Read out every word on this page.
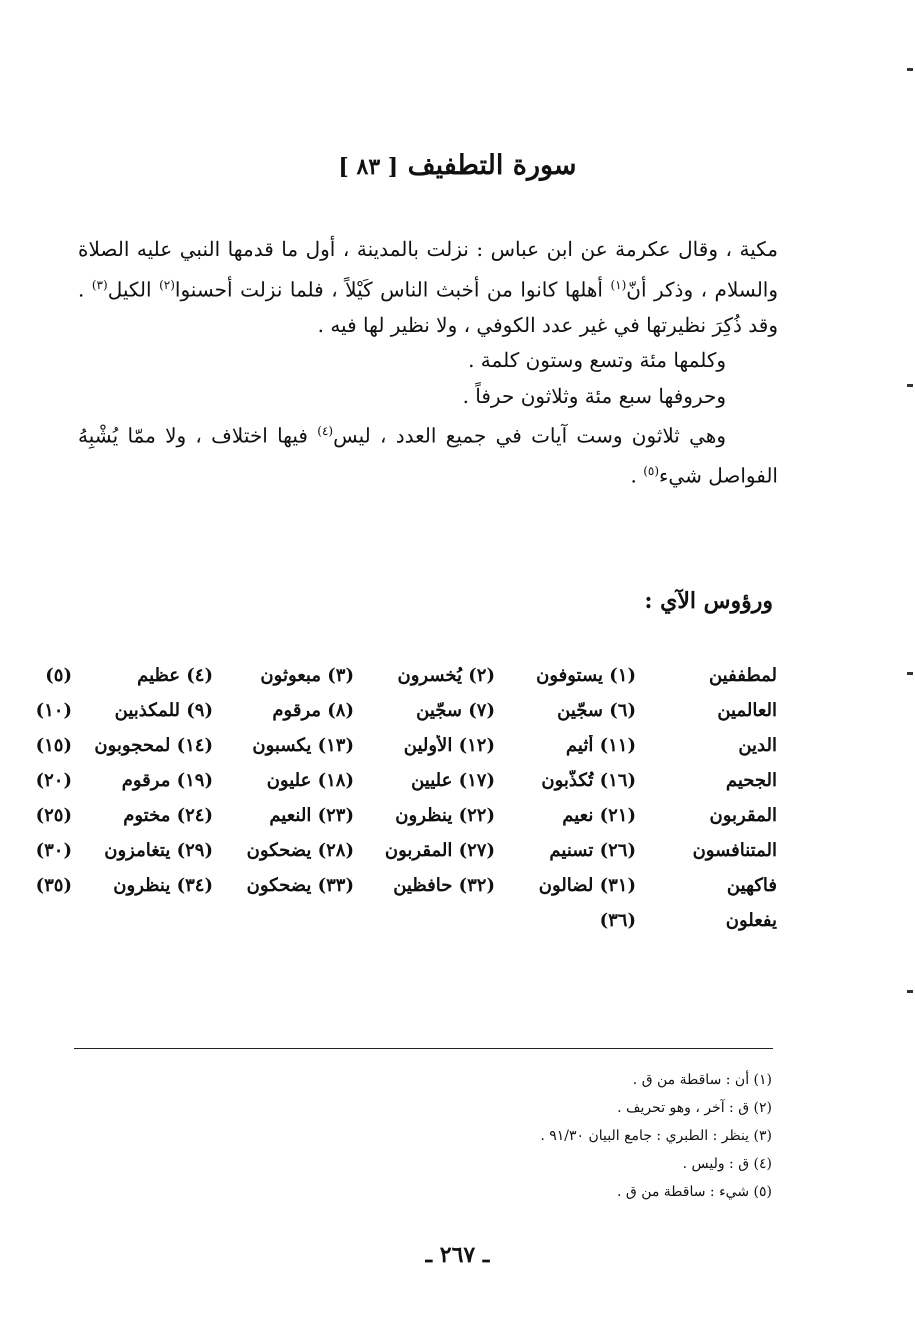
سورة التطفيف [ ٨٣ ]

مكية ، وقال عكرمة عن ابن عباس : نزلت بالمدينة ، أول ما قدمها النبي عليه الصلاة والسلام ، وذكر أنّ$^{(١)}$ أهلها كانوا من أخبث الناس كَيْلاً ، فلما نزلت أحسنوا$^{(٢)}$ الكيل$^{(٣)}$ . وقد ذُكِرَ نظيرتها في غير عدد الكوفي ، ولا نظير لها فيه .

وكلمها مئة وتسع وستون كلمة .

وحروفها سبع مئة وثلاثون حرفاً .

وهي ثلاثون وست آيات في جميع العدد ، ليس$^{(٤)}$ فيها اختلاف ، ولا ممّا يُشْبِهُ الفواصل شيء$^{(٥)}$ .

ورؤوس الآي :
لمطففين
(١) يستوفون
(٢) يُخسرون
(٣) مبعوثون
(٤) عظيم
(٥)
العالمين
(٦) سجّين
(٧) سجّين
(٨) مرقوم
(٩) للمكذبين
(١٠)
الدين
(١١) أثيم
(١٢) الأولين
(١٣) يكسبون
(١٤) لمحجوبون
(١٥)
الجحيم
(١٦) تُكذّبون
(١٧) عليين
(١٨) عليون
(١٩) مرقوم
(٢٠)
المقربون
(٢١) نعيم
(٢٢) ينظرون
(٢٣) النعيم
(٢٤) مختوم
(٢٥)
المتنافسون
(٢٦) تسنيم
(٢٧) المقربون
(٢٨) يضحكون
(٢٩) يتغامزون
(٣٠)
فاكهين
(٣١) لضالون
(٣٢) حافظين
(٣٣) يضحكون
(٣٤) ينظرون
(٣٥)
يفعلون
(٣٦)

(١) أن : ساقطة من ق .

(٢) ق : آخر ، وهو تحريف .

(٣) ينظر : الطبري : جامع البيان ٩١/٣٠ .

(٤) ق : وليس .

(٥) شيء : ساقطة من ق .

ـ ٢٦٧ ـ
